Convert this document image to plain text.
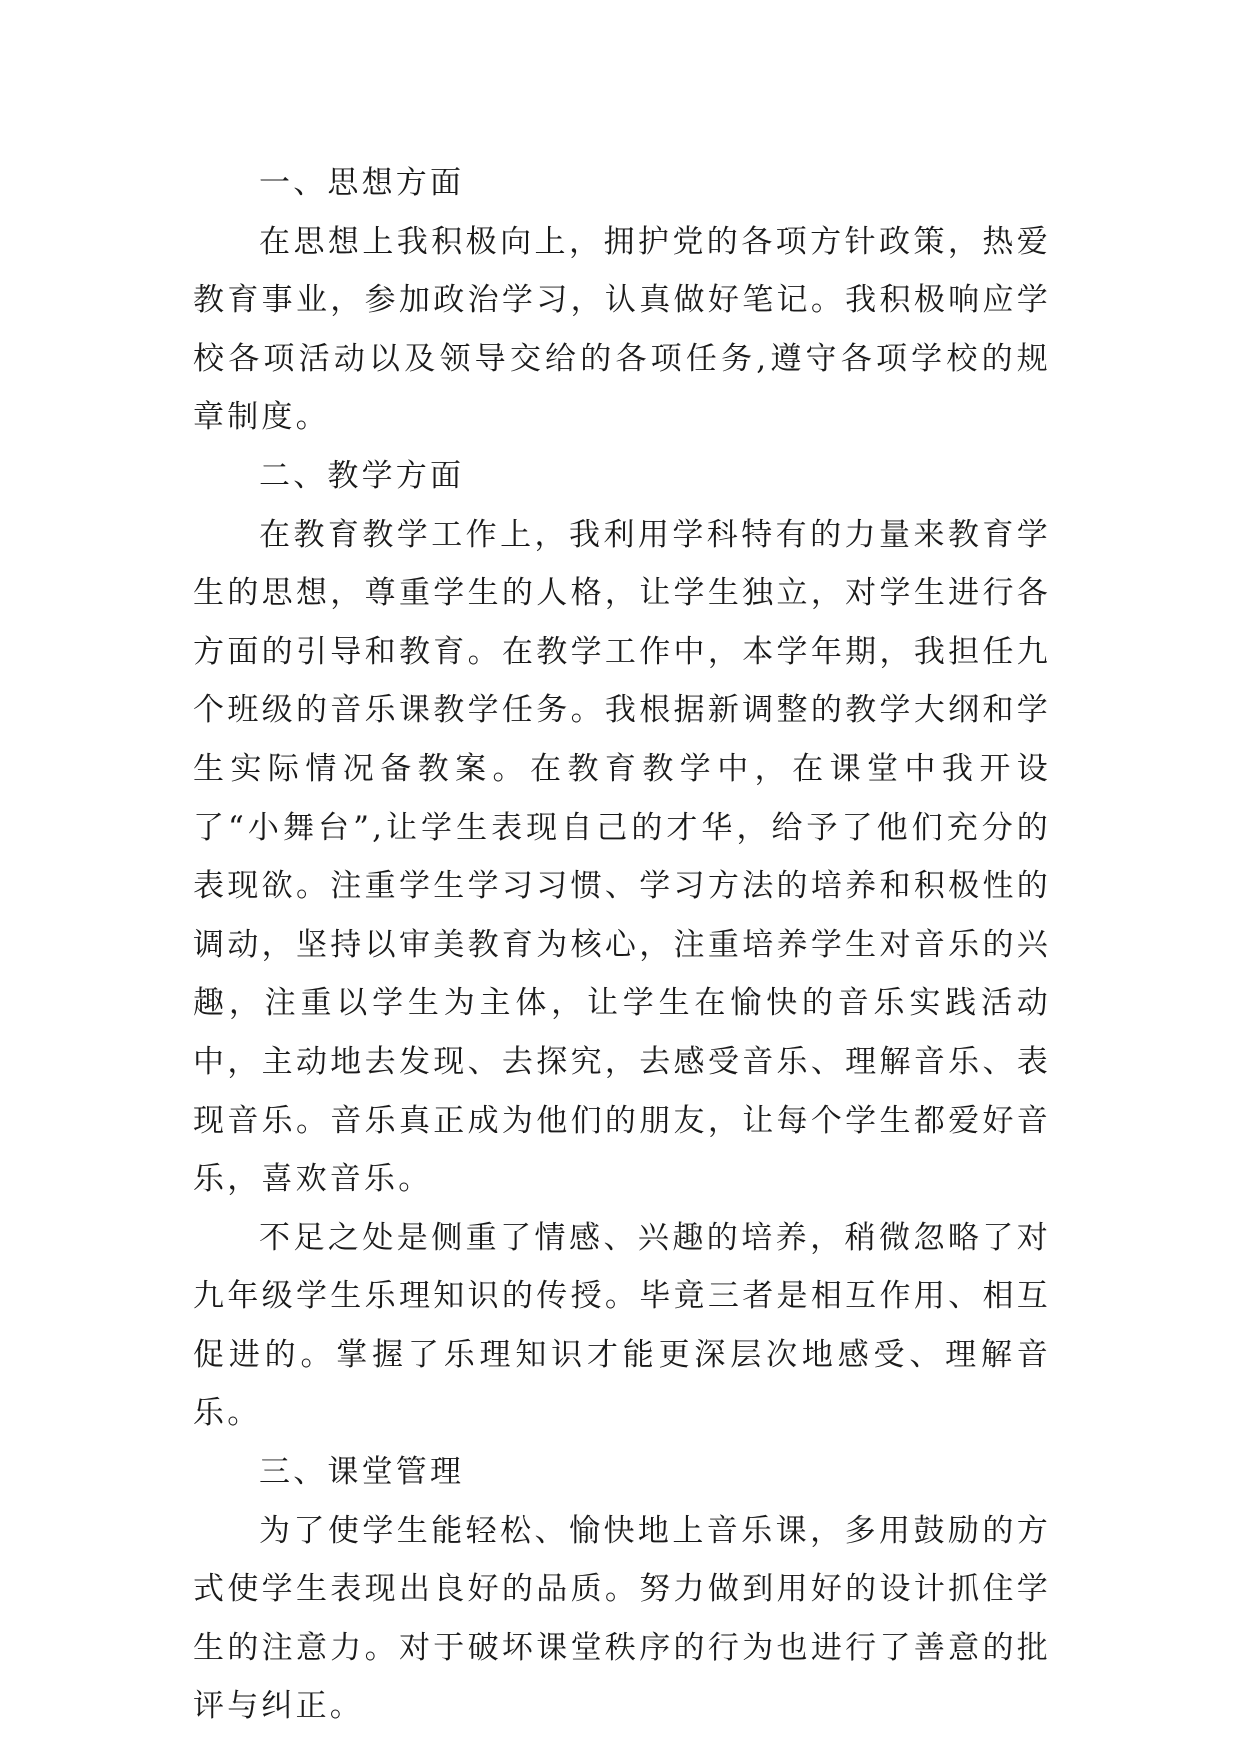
一、思想方面

在思想上我积极向上，拥护党的各项方针政策，热爱教育事业，参加政治学习，认真做好笔记。我积极响应学校各项活动以及领导交给的各项任务,遵守各项学校的规章制度。

二、教学方面

在教育教学工作上，我利用学科特有的力量来教育学生的思想，尊重学生的人格，让学生独立，对学生进行各方面的引导和教育。在教学工作中，本学年期，我担任九个班级的音乐课教学任务。我根据新调整的教学大纲和学生实际情况备教案。在教育教学中，在课堂中我开设了“小舞台”,让学生表现自己的才华，给予了他们充分的表现欲。注重学生学习习惯、学习方法的培养和积极性的调动，坚持以审美教育为核心，注重培养学生对音乐的兴趣，注重以学生为主体，让学生在愉快的音乐实践活动中，主动地去发现、去探究，去感受音乐、理解音乐、表现音乐。音乐真正成为他们的朋友，让每个学生都爱好音乐，喜欢音乐。

不足之处是侧重了情感、兴趣的培养，稍微忽略了对九年级学生乐理知识的传授。毕竟三者是相互作用、相互促进的。掌握了乐理知识才能更深层次地感受、理解音乐。

三、课堂管理

为了使学生能轻松、愉快地上音乐课，多用鼓励的方式使学生表现出良好的品质。努力做到用好的设计抓住学生的注意力。对于破坏课堂秩序的行为也进行了善意的批评与纠正。
